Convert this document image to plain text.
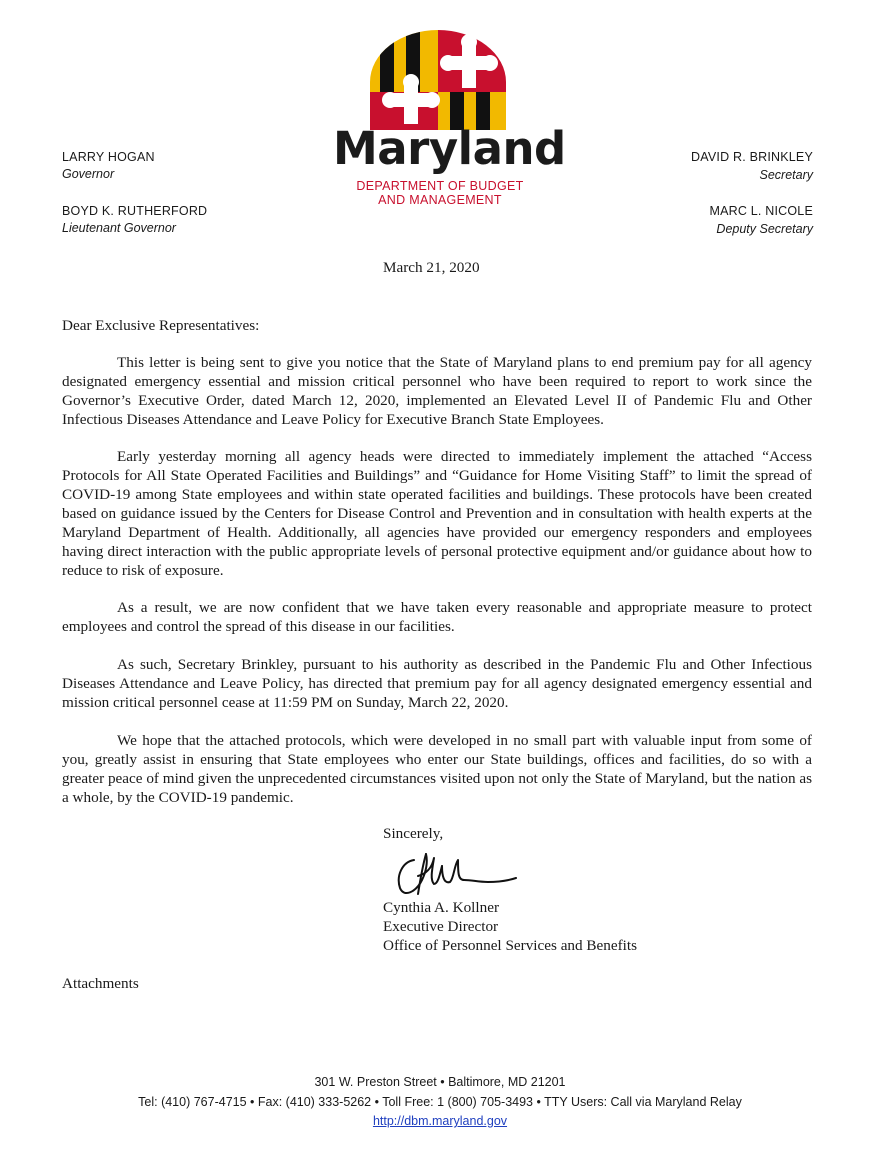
LARRY HOGAN
Governor
BOYD K. RUTHERFORD
Lieutenant Governor
DAVID R. BRINKLEY
Secretary
MARC L. NICOLE
Deputy Secretary
Maryland
DEPARTMENT OF BUDGET
AND MANAGEMENT
March 21, 2020
Dear Exclusive Representatives:
This letter is being sent to give you notice that the State of Maryland plans to end premium pay for all agency designated emergency essential and mission critical personnel who have been required to report to work since the Governor’s Executive Order, dated March 12, 2020, implemented an Elevated Level II of Pandemic Flu and Other Infectious Diseases Attendance and Leave Policy for Executive Branch State Employees.
Early yesterday morning all agency heads were directed to immediately implement the attached “Access Protocols for All State Operated Facilities and Buildings” and “Guidance for Home Visiting Staff” to limit the spread of COVID-19 among State employees and within state operated facilities and buildings. These protocols have been created based on guidance issued by the Centers for Disease Control and Prevention and in consultation with health experts at the Maryland Department of Health. Additionally, all agencies have provided our emergency responders and employees having direct interaction with the public appropriate levels of personal protective equipment and/or guidance about how to reduce to risk of exposure.
As a result, we are now confident that we have taken every reasonable and appropriate measure to protect employees and control the spread of this disease in our facilities.
As such, Secretary Brinkley, pursuant to his authority as described in the Pandemic Flu and Other Infectious Diseases Attendance and Leave Policy, has directed that premium pay for all agency designated emergency essential and mission critical personnel cease at 11:59 PM on Sunday, March 22, 2020.
We hope that the attached protocols, which were developed in no small part with valuable input from some of you, greatly assist in ensuring that State employees who enter our State buildings, offices and facilities, do so with a greater peace of mind given the unprecedented circumstances visited upon not only the State of Maryland, but the nation as a whole, by the COVID-19 pandemic.
Sincerely,
Cynthia A. Kollner
Executive Director
Office of Personnel Services and Benefits
Attachments
301 W. Preston Street • Baltimore, MD 21201
Tel: (410) 767-4715 • Fax: (410) 333-5262 • Toll Free: 1 (800) 705-3493 • TTY Users: Call via Maryland Relay
http://dbm.maryland.gov
